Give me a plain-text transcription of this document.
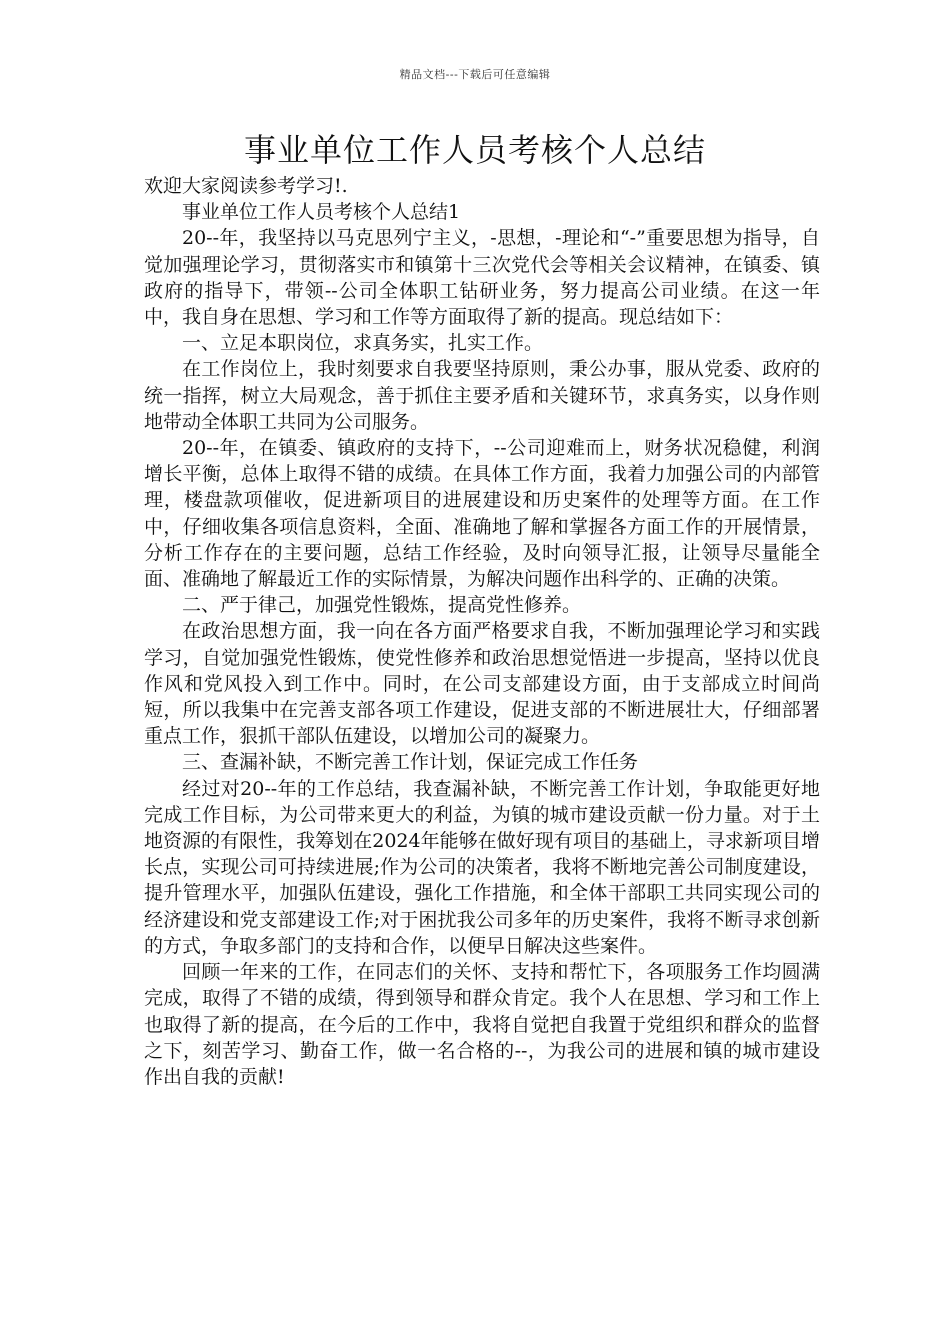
精品文档---下载后可任意编辑
事业单位工作人员考核个人总结

欢迎大家阅读参考学习!.

事业单位工作人员考核个人总结1

20--年，我坚持以马克思列宁主义，-思想，-理论和“-”重要思想为指导，自觉加强理论学习，贯彻落实市和镇第十三次党代会等相关会议精神，在镇委、镇政府的指导下，带领--公司全体职工钻研业务，努力提高公司业绩。在这一年中，我自身在思想、学习和工作等方面取得了新的提高。现总结如下：

一、立足本职岗位，求真务实，扎实工作。

在工作岗位上，我时刻要求自我要坚持原则，秉公办事，服从党委、政府的统一指挥，树立大局观念，善于抓住主要矛盾和关键环节，求真务实，以身作则地带动全体职工共同为公司服务。

20--年，在镇委、镇政府的支持下，--公司迎难而上，财务状况稳健，利润增长平衡，总体上取得不错的成绩。在具体工作方面，我着力加强公司的内部管理，楼盘款项催收，促进新项目的进展建设和历史案件的处理等方面。在工作中，仔细收集各项信息资料，全面、准确地了解和掌握各方面工作的开展情景，分析工作存在的主要问题，总结工作经验，及时向领导汇报，让领导尽量能全面、准确地了解最近工作的实际情景，为解决问题作出科学的、正确的决策。

二、严于律己，加强党性锻炼，提高党性修养。

在政治思想方面，我一向在各方面严格要求自我，不断加强理论学习和实践学习，自觉加强党性锻炼，使党性修养和政治思想觉悟进一步提高，坚持以优良作风和党风投入到工作中。同时，在公司支部建设方面，由于支部成立时间尚短，所以我集中在完善支部各项工作建设，促进支部的不断进展壮大，仔细部署重点工作，狠抓干部队伍建设，以增加公司的凝聚力。

三、查漏补缺，不断完善工作计划，保证完成工作任务

经过对20--年的工作总结，我查漏补缺，不断完善工作计划，争取能更好地完成工作目标，为公司带来更大的利益，为镇的城市建设贡献一份力量。对于土地资源的有限性，我筹划在2024年能够在做好现有项目的基础上，寻求新项目增长点，实现公司可持续进展;作为公司的决策者，我将不断地完善公司制度建设，提升管理水平，加强队伍建设，强化工作措施，和全体干部职工共同实现公司的经济建设和党支部建设工作;对于困扰我公司多年的历史案件，我将不断寻求创新的方式，争取多部门的支持和合作，以便早日解决这些案件。

回顾一年来的工作，在同志们的关怀、支持和帮忙下，各项服务工作均圆满完成，取得了不错的成绩，得到领导和群众肯定。我个人在思想、学习和工作上也取得了新的提高，在今后的工作中，我将自觉把自我置于党组织和群众的监督之下，刻苦学习、勤奋工作，做一名合格的--，为我公司的进展和镇的城市建设作出自我的贡献!
